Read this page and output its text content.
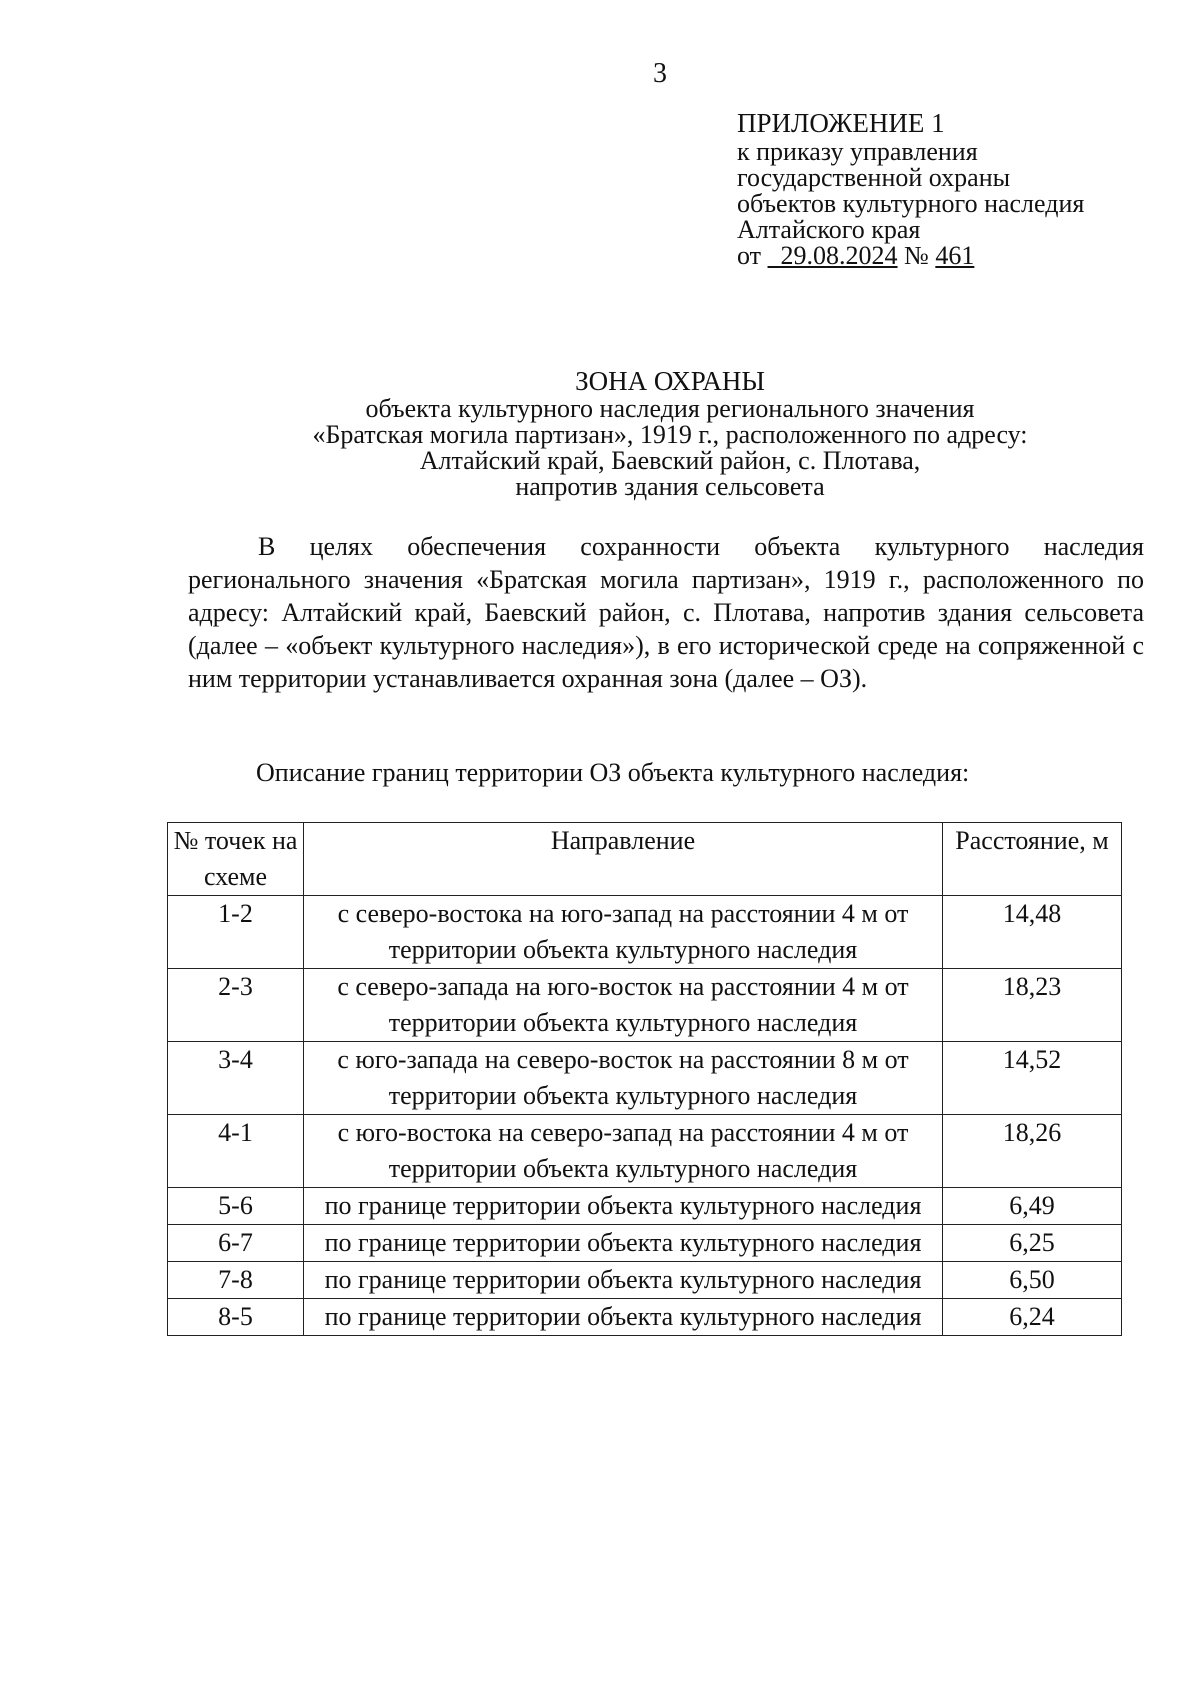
3
ПРИЛОЖЕНИЕ 1
к приказу управления
государственной охраны
объектов культурного наследия
Алтайского края
от 29.08.2024 № 461
ЗОНА ОХРАНЫ
объекта культурного наследия регионального значения
«Братская могила партизан», 1919 г., расположенного по адресу:
Алтайский край, Баевский район, с. Плотава,
напротив здания сельсовета

В целях обеспечения сохранности объекта культурного наследия регионального значения «Братская могила партизан», 1919 г., расположенного по адресу: Алтайский край, Баевский район, с. Плотава, напротив здания сельсовета (далее – «объект культурного наследия»), в его исторической среде на сопряженной с ним территории устанавливается охранная зона (далее – ОЗ).

Описание границ территории ОЗ объекта культурного наследия:
№ точек на схеме	Направление	Расстояние, м
1-2	с северо-востока на юго-запад на расстоянии 4 м от территории объекта культурного наследия	14,48
2-3	с северо-запада на юго-восток на расстоянии 4 м от территории объекта культурного наследия	18,23
3-4	с юго-запада на северо-восток на расстоянии 8 м от территории объекта культурного наследия	14,52
4-1	с юго-востока на северо-запад на расстоянии 4 м от территории объекта культурного наследия	18,26
5-6	по границе территории объекта культурного наследия	6,49
6-7	по границе территории объекта культурного наследия	6,25
7-8	по границе территории объекта культурного наследия	6,50
8-5	по границе территории объекта культурного наследия	6,24
